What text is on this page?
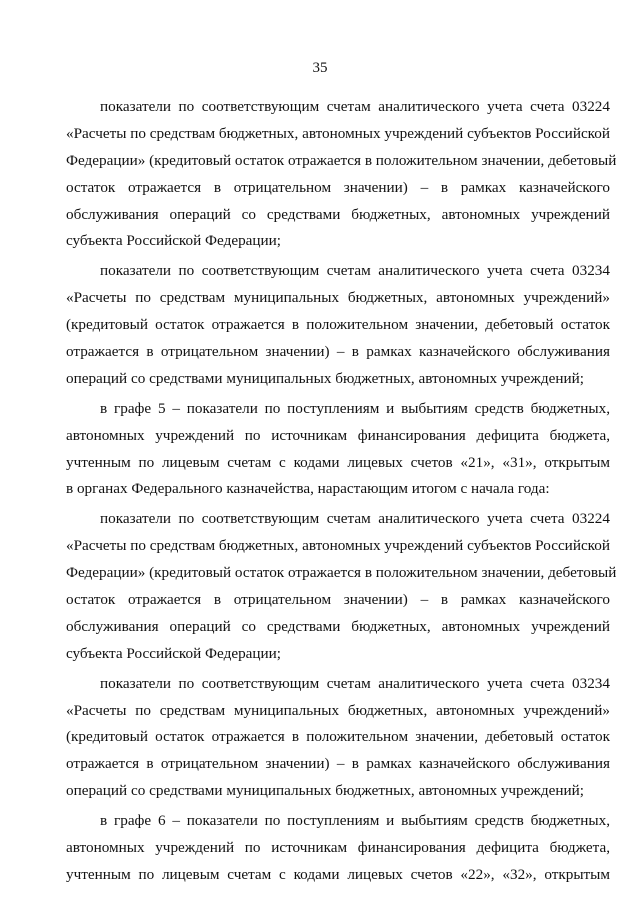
35
показатели по соответствующим счетам аналитического учета счета 03224
«Расчеты по средствам бюджетных, автономных учреждений субъектов Российской
Федерации» (кредитовый остаток отражается в положительном значении, дебетовый
остаток отражается в отрицательном значении) – в рамках казначейского
обслуживания операций со средствами бюджетных, автономных учреждений
субъекта Российской Федерации;
показатели по соответствующим счетам аналитического учета счета 03234
«Расчеты по средствам муниципальных бюджетных, автономных учреждений»
(кредитовый остаток отражается в положительном значении, дебетовый остаток
отражается в отрицательном значении) – в рамках казначейского обслуживания
операций со средствами муниципальных бюджетных, автономных учреждений;
в графе 5 – показатели по поступлениям и выбытиям средств бюджетных,
автономных учреждений по источникам финансирования дефицита бюджета,
учтенным по лицевым счетам с кодами лицевых счетов «21», «31», открытым
в органах Федерального казначейства, нарастающим итогом с начала года:
показатели по соответствующим счетам аналитического учета счета 03224
«Расчеты по средствам бюджетных, автономных учреждений субъектов Российской
Федерации» (кредитовый остаток отражается в положительном значении, дебетовый
остаток отражается в отрицательном значении) – в рамках казначейского
обслуживания операций со средствами бюджетных, автономных учреждений
субъекта Российской Федерации;
показатели по соответствующим счетам аналитического учета счета 03234
«Расчеты по средствам муниципальных бюджетных, автономных учреждений»
(кредитовый остаток отражается в положительном значении, дебетовый остаток
отражается в отрицательном значении) – в рамках казначейского обслуживания
операций со средствами муниципальных бюджетных, автономных учреждений;
в графе 6 – показатели по поступлениям и выбытиям средств бюджетных,
автономных учреждений по источникам финансирования дефицита бюджета,
учтенным по лицевым счетам с кодами лицевых счетов «22», «32», открытым
